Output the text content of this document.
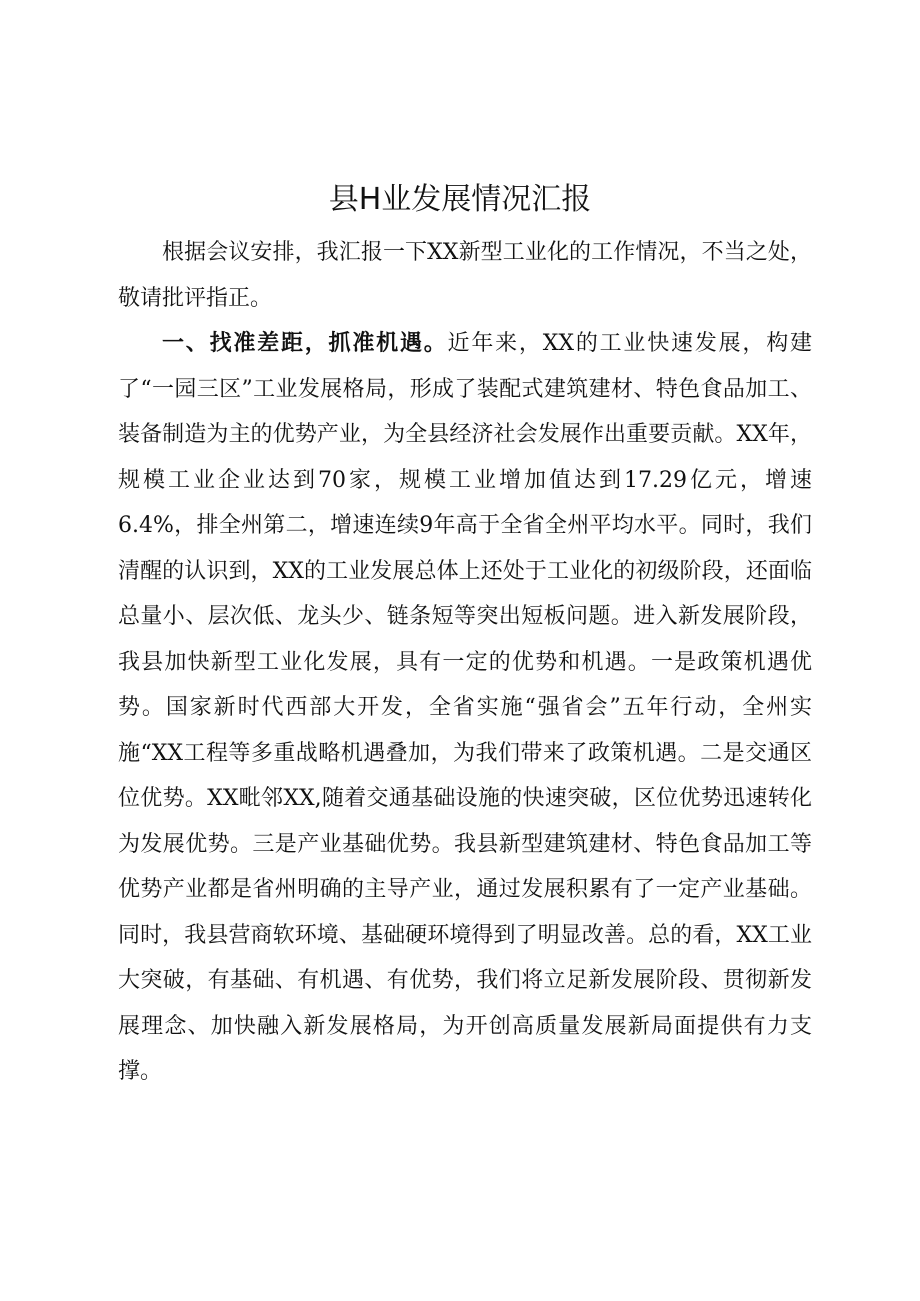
县H业发展情况汇报

根据会议安排，我汇报一下XX新型工业化的工作情况，不当之处，敬请批评指正。

一、找准差距，抓准机遇。近年来，XX的工业快速发展，构建了“一园三区”工业发展格局，形成了装配式建筑建材、特色食品加工、装备制造为主的优势产业，为全县经济社会发展作出重要贡献。XX年，规模工业企业达到70家，规模工业增加值达到17.29亿元，增速6.4%，排全州第二，增速连续9年高于全省全州平均水平。同时，我们清醒的认识到，XX的工业发展总体上还处于工业化的初级阶段，还面临总量小、层次低、龙头少、链条短等突出短板问题。进入新发展阶段，我县加快新型工业化发展，具有一定的优势和机遇。一是政策机遇优势。国家新时代西部大开发，全省实施“强省会”五年行动，全州实施“XX工程等多重战略机遇叠加，为我们带来了政策机遇。二是交通区位优势。XX毗邻XX,随着交通基础设施的快速突破，区位优势迅速转化为发展优势。三是产业基础优势。我县新型建筑建材、特色食品加工等优势产业都是省州明确的主导产业，通过发展积累有了一定产业基础。同时，我县营商软环境、基础硬环境得到了明显改善。总的看，XX工业大突破，有基础、有机遇、有优势，我们将立足新发展阶段、贯彻新发展理念、加快融入新发展格局，为开创高质量发展新局面提供有力支撑。
